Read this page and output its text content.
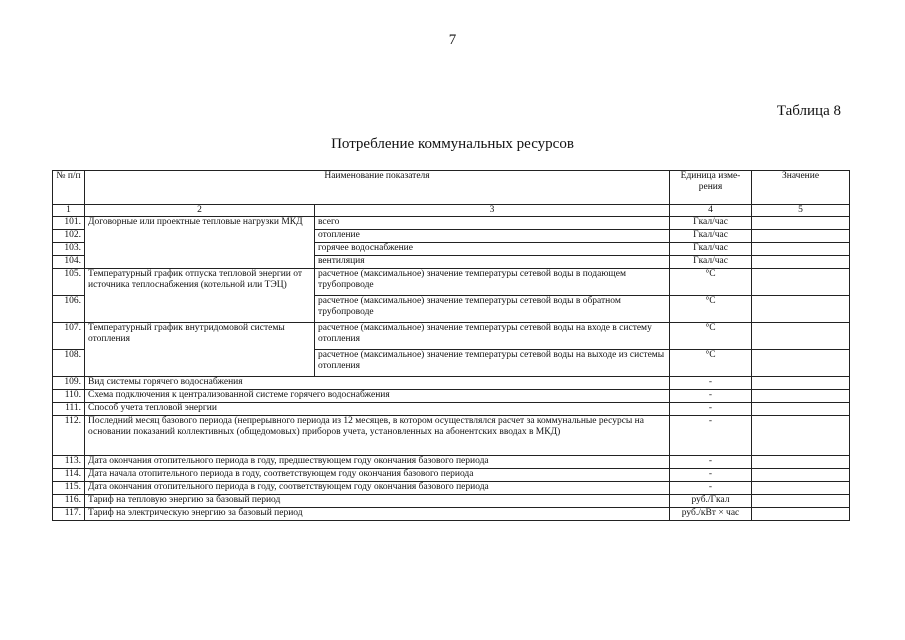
7
Таблица 8
Потребление коммунальных ресурсов
№ п/п	Наименование показателя		Единица изме-рения	Значение
1	2	3	4	5
101.	Договорные или проектные тепловые нагрузки МКД	всего	Гкал/час	
102.		отопление	Гкал/час	
103.		горячее водоснабжение	Гкал/час	
104.		вентиляция	Гкал/час	
105.	Температурный график отпуска тепловой энергии от источника теплоснабжения (котельной или ТЭЦ)	расчетное (максимальное) значение температуры сетевой воды в подающем трубопроводе	°С	
106.		расчетное (максимальное) значение температуры сетевой воды в обратном трубопроводе	°С	
107.	Температурный график внутридомовой системы отопления	расчетное (максимальное) значение температуры сетевой воды на входе в систему отопления	°С	
108.		расчетное (максимальное) значение температуры сетевой воды на выходе из системы отопления	°С	
109.	Вид системы горячего водоснабжения		-	
110.	Схема подключения к централизованной системе горячего водоснабжения		-	
111.	Способ учета тепловой энергии		-	
112.	Последний месяц базового периода (непрерывного периода из 12 месяцев, в котором осуществлялся расчет за коммунальные ресурсы на основании показаний коллективных (общедомовых) приборов учета, установленных на абонентских вводах в МКД)		-	
113.	Дата окончания отопительного периода в году, предшествующем году окончания базового периода		-	
114.	Дата начала отопительного периода в году, соответствующем году окончания базового периода		-	
115.	Дата окончания отопительного периода в году, соответствующем году окончания базового периода		-	
116.	Тариф на тепловую энергию за базовый период		руб./Гкал	
117.	Тариф на электрическую энергию за базовый период		руб./кВт × час	
